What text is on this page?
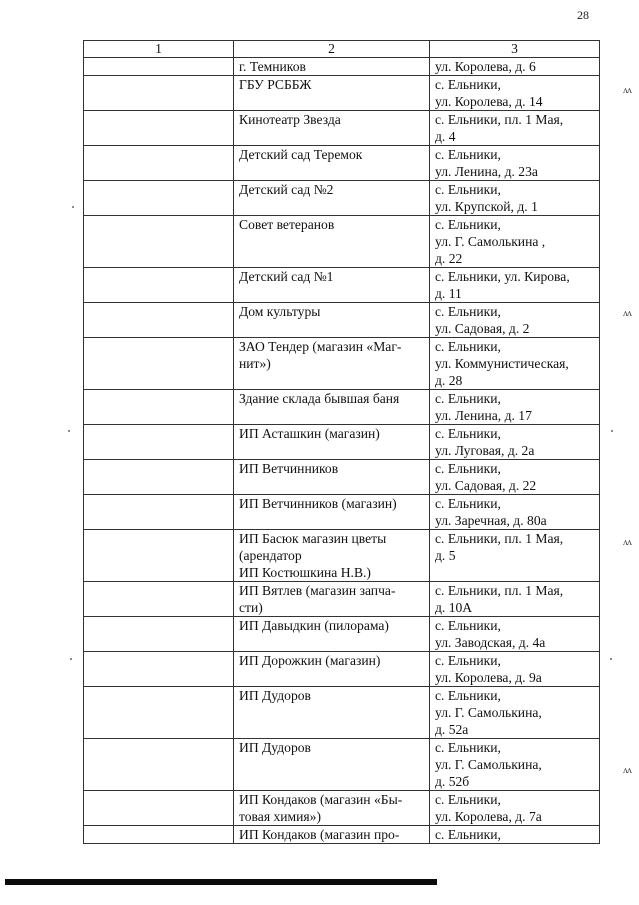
28
1	2	3
	г. Темников	ул. Королева, д. 6
	ГБУ РСББЖ	с. Ельники,
ул. Королева, д. 14
	Кинотеатр Звезда	с. Ельники, пл. 1 Мая,
д. 4
	Детский сад Теремок	с. Ельники,
ул. Ленина, д. 23а
	Детский сад №2	с. Ельники,
ул. Крупской, д. 1
	Совет ветеранов	с. Ельники,
ул. Г. Самолькина ,
д. 22
	Детский сад №1	с. Ельники, ул. Кирова,
д. 11
	Дом культуры	с. Ельники,
ул. Садовая, д. 2
	ЗАО Тендер (магазин «Маг-
нит»)	с. Ельники,
ул. Коммунистическая,
д. 28
	Здание склада бывшая баня	с. Ельники,
ул. Ленина, д. 17
	ИП Асташкин (магазин)	с. Ельники,
ул. Луговая, д. 2а
	ИП Ветчинников	с. Ельники,
ул. Садовая, д. 22
	ИП Ветчинников (магазин)	с. Ельники,
ул. Заречная, д. 80а
	ИП Басюк магазин цветы
(арендатор
ИП Костюшкина Н.В.)	с. Ельники, пл. 1 Мая,
д. 5
	ИП Вятлев (магазин запча-
сти)	с. Ельники, пл. 1 Мая,
д. 10А
	ИП Давыдкин (пилорама)	с. Ельники,
ул. Заводская, д. 4а
	ИП Дорожкин (магазин)	с. Ельники,
ул. Королева, д. 9а
	ИП Дудоров	с. Ельники,
ул. Г. Самолькина,
д. 52а
	ИП Дудоров	с. Ельники,
ул. Г. Самолькина,
д. 52б
	ИП Кондаков (магазин «Бы-
товая химия»)	с. Ельники,
ул. Королева, д. 7а
	ИП Кондаков (магазин про-	с. Ельники,
ʌᴧ
ʌᴧ
ʌᴧ
ʌᴧ
